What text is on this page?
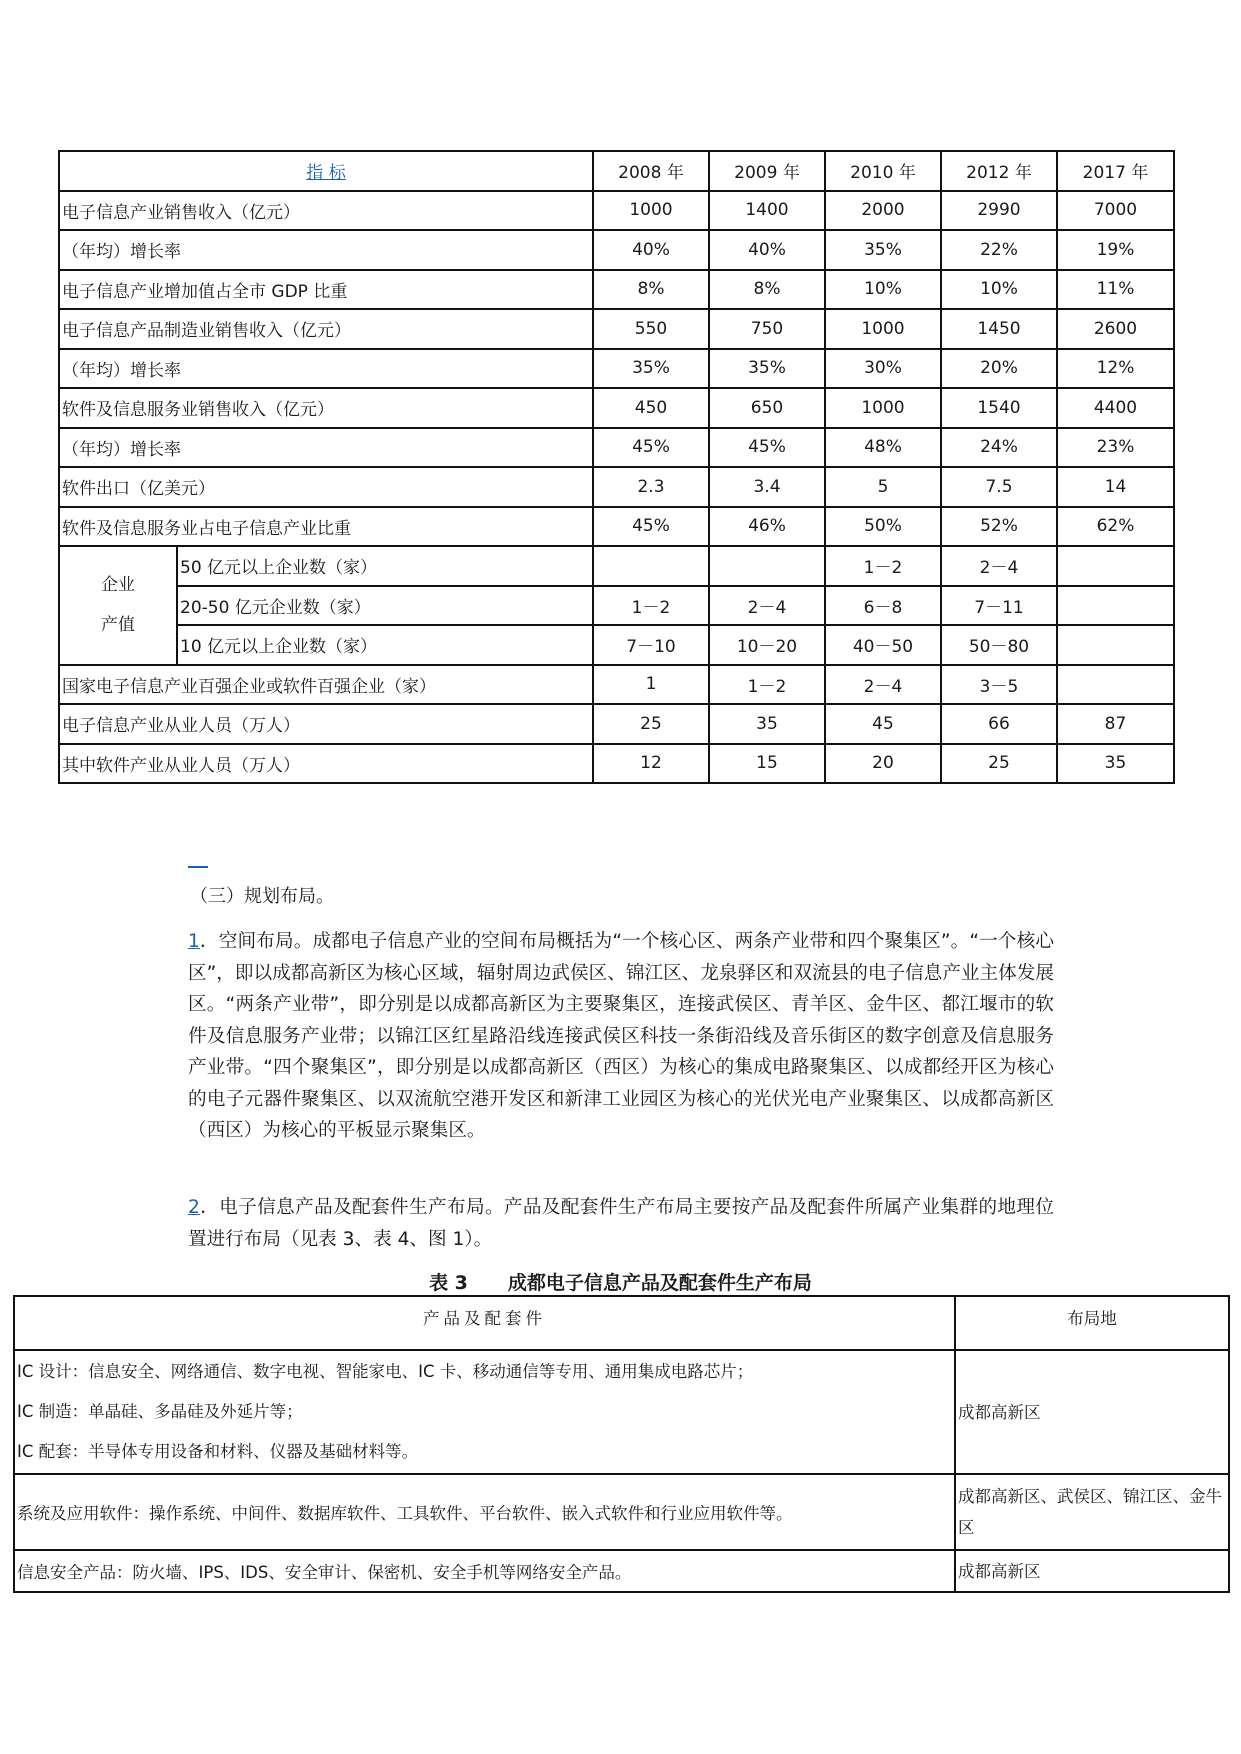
指 标		2008 年	2009 年	2010 年	2012 年	2017 年
电子信息产业销售收入（亿元）		1000	1400	2000	2990	7000
（年均）增长率		40%	40%	35%	22%	19%
电子信息产业增加值占全市 GDP 比重		8%	8%	10%	10%	11%
电子信息产品制造业销售收入（亿元）		550	750	1000	1450	2600
（年均）增长率		35%	35%	30%	20%	12%
软件及信息服务业销售收入（亿元）		450	650	1000	1540	4400
（年均）增长率		45%	45%	48%	24%	23%
软件出口（亿美元）		2.3	3.4	5	7.5	14
软件及信息服务业占电子信息产业比重		45%	46%	50%	52%	62%

企业
产值	50 亿元以上企业数（家）			1－2	2－4	
	20-50 亿元企业数（家）	1－2	2－4	6－8	7－11	
	10 亿元以上企业数（家）	7－10	10－20	40－50	50－80	
国家电子信息产业百强企业或软件百强企业（家）		1	1－2	2－4	3－5	
电子信息产业从业人员（万人）		25	35	45	66	87
其中软件产业从业人员（万人）		12	15	20	25	35
（三）规划布局。
1．空间布局。成都电子信息产业的空间布局概括为“一个核心区、两条产业带和四个聚集区”。“一个核心区”，即以成都高新区为核心区域，辐射周边武侯区、锦江区、龙泉驿区和双流县的电子信息产业主体发展区。“两条产业带”，即分别是以成都高新区为主要聚集区，连接武侯区、青羊区、金牛区、都江堰市的软件及信息服务产业带；以锦江区红星路沿线连接武侯区科技一条街沿线及音乐街区的数字创意及信息服务产业带。“四个聚集区”，即分别是以成都高新区（西区）为核心的集成电路聚集区、以成都经开区为核心的电子元器件聚集区、以双流航空港开发区和新津工业园区为核心的光伏光电产业聚集区、以成都高新区（西区）为核心的平板显示聚集区。
2．电子信息产品及配套件生产布局。产品及配套件生产布局主要按产品及配套件所属产业集群的地理位置进行布局（见表 3、表 4、图 1）。
表 3 成都电子信息产品及配套件生产布局
产品及配套件	布局地

IC 设计：信息安全、网络通信、数字电视、智能家电、IC 卡、移动通信等专用、通用集成电路芯片；
IC 制造：单晶硅、多晶硅及外延片等；
IC 配套：半导体专用设备和材料、仪器及基础材料等。	成都高新区
系统及应用软件：操作系统、中间件、数据库软件、工具软件、平台软件、嵌入式软件和行业应用软件等。	成都高新区、武侯区、锦江区、金牛区
信息安全产品：防火墙、IPS、IDS、安全审计、保密机、安全手机等网络安全产品。	成都高新区
